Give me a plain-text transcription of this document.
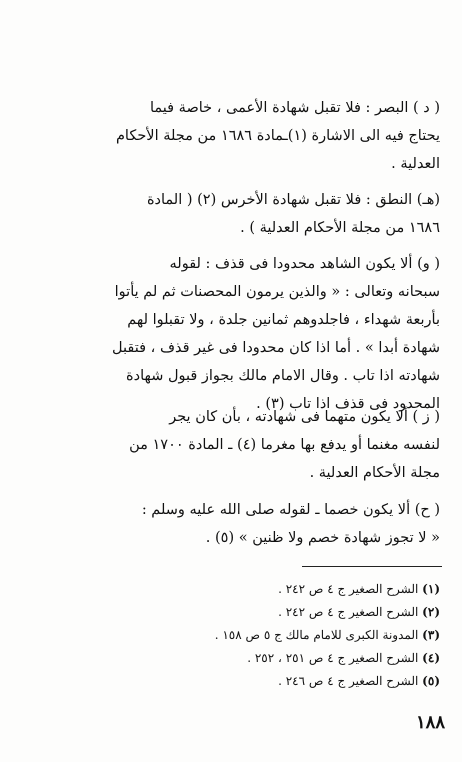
( د ) البصر : فلا تقبل شهادة الأعمى ، خاصة فيما

يحتاج فيه الى الاشارة (١)ـمادة ١٦٨٦ من مجلة الأحكام

العدلية .

(هـ) النطق : فلا تقبل شهادة الأخرس (٢) ( المادة

١٦٨٦ من مجلة الأحكام العدلية ) .

( و) ألا يكون الشاهد محدودا فى قذف : لقوله

سبحانه وتعالى : « والذين يرمون المحصنات ثم لم يأتوا

بأربعة شهداء ، فاجلدوهم ثمانين جلدة ، ولا تقبلوا لهم

شهادة أبدا » . أما اذا كان محدودا فى غير قذف ، فتقبل

شهادته اذا تاب . وقال الامام مالك بجواز قبول شهادة

المحدود فى قذف اذا تاب (٣) .

( ز ) ألا يكون متهما فى شهادته ، بأن كان يجر

لنفسه مغنما أو يدفع بها مغرما (٤) ـ المادة ١٧٠٠ من

مجلة الأحكام العدلية .

( ح) ألا يكون خصما ـ لقوله صلى الله عليه وسلم :

« لا تجوز شهادة خصم ولا ظنين » (٥) .

(١) الشرح الصغير ج ٤ ص ٢٤٢ .
(٢) الشرح الصغير ج ٤ ص ٢٤٢ .
(٣) المدونة الكبرى للامام مالك ج ٥ ص ١٥٨ .
(٤) الشرح الصغير ج ٤ ص ٢٥١ ، ٢٥٢ .
(٥) الشرح الصغير ج ٤ ص ٢٤٦ .
١٨٨
